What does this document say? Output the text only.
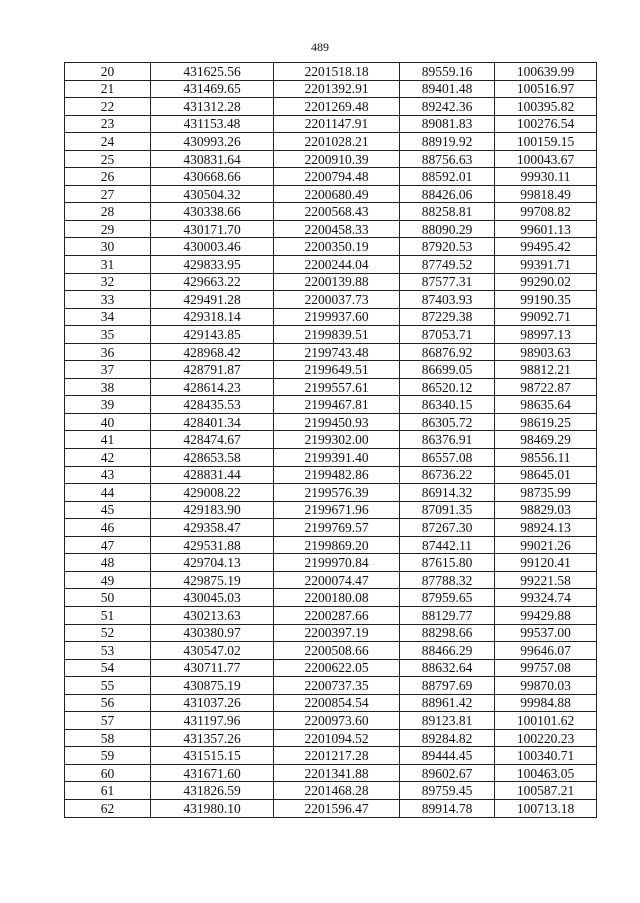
489
20	431625.56	2201518.18	89559.16	100639.99
21	431469.65	2201392.91	89401.48	100516.97
22	431312.28	2201269.48	89242.36	100395.82
23	431153.48	2201147.91	89081.83	100276.54
24	430993.26	2201028.21	88919.92	100159.15
25	430831.64	2200910.39	88756.63	100043.67
26	430668.66	2200794.48	88592.01	99930.11
27	430504.32	2200680.49	88426.06	99818.49
28	430338.66	2200568.43	88258.81	99708.82
29	430171.70	2200458.33	88090.29	99601.13
30	430003.46	2200350.19	87920.53	99495.42
31	429833.95	2200244.04	87749.52	99391.71
32	429663.22	2200139.88	87577.31	99290.02
33	429491.28	2200037.73	87403.93	99190.35
34	429318.14	2199937.60	87229.38	99092.71
35	429143.85	2199839.51	87053.71	98997.13
36	428968.42	2199743.48	86876.92	98903.63
37	428791.87	2199649.51	86699.05	98812.21
38	428614.23	2199557.61	86520.12	98722.87
39	428435.53	2199467.81	86340.15	98635.64
40	428401.34	2199450.93	86305.72	98619.25
41	428474.67	2199302.00	86376.91	98469.29
42	428653.58	2199391.40	86557.08	98556.11
43	428831.44	2199482.86	86736.22	98645.01
44	429008.22	2199576.39	86914.32	98735.99
45	429183.90	2199671.96	87091.35	98829.03
46	429358.47	2199769.57	87267.30	98924.13
47	429531.88	2199869.20	87442.11	99021.26
48	429704.13	2199970.84	87615.80	99120.41
49	429875.19	2200074.47	87788.32	99221.58
50	430045.03	2200180.08	87959.65	99324.74
51	430213.63	2200287.66	88129.77	99429.88
52	430380.97	2200397.19	88298.66	99537.00
53	430547.02	2200508.66	88466.29	99646.07
54	430711.77	2200622.05	88632.64	99757.08
55	430875.19	2200737.35	88797.69	99870.03
56	431037.26	2200854.54	88961.42	99984.88
57	431197.96	2200973.60	89123.81	100101.62
58	431357.26	2201094.52	89284.82	100220.23
59	431515.15	2201217.28	89444.45	100340.71
60	431671.60	2201341.88	89602.67	100463.05
61	431826.59	2201468.28	89759.45	100587.21
62	431980.10	2201596.47	89914.78	100713.18
